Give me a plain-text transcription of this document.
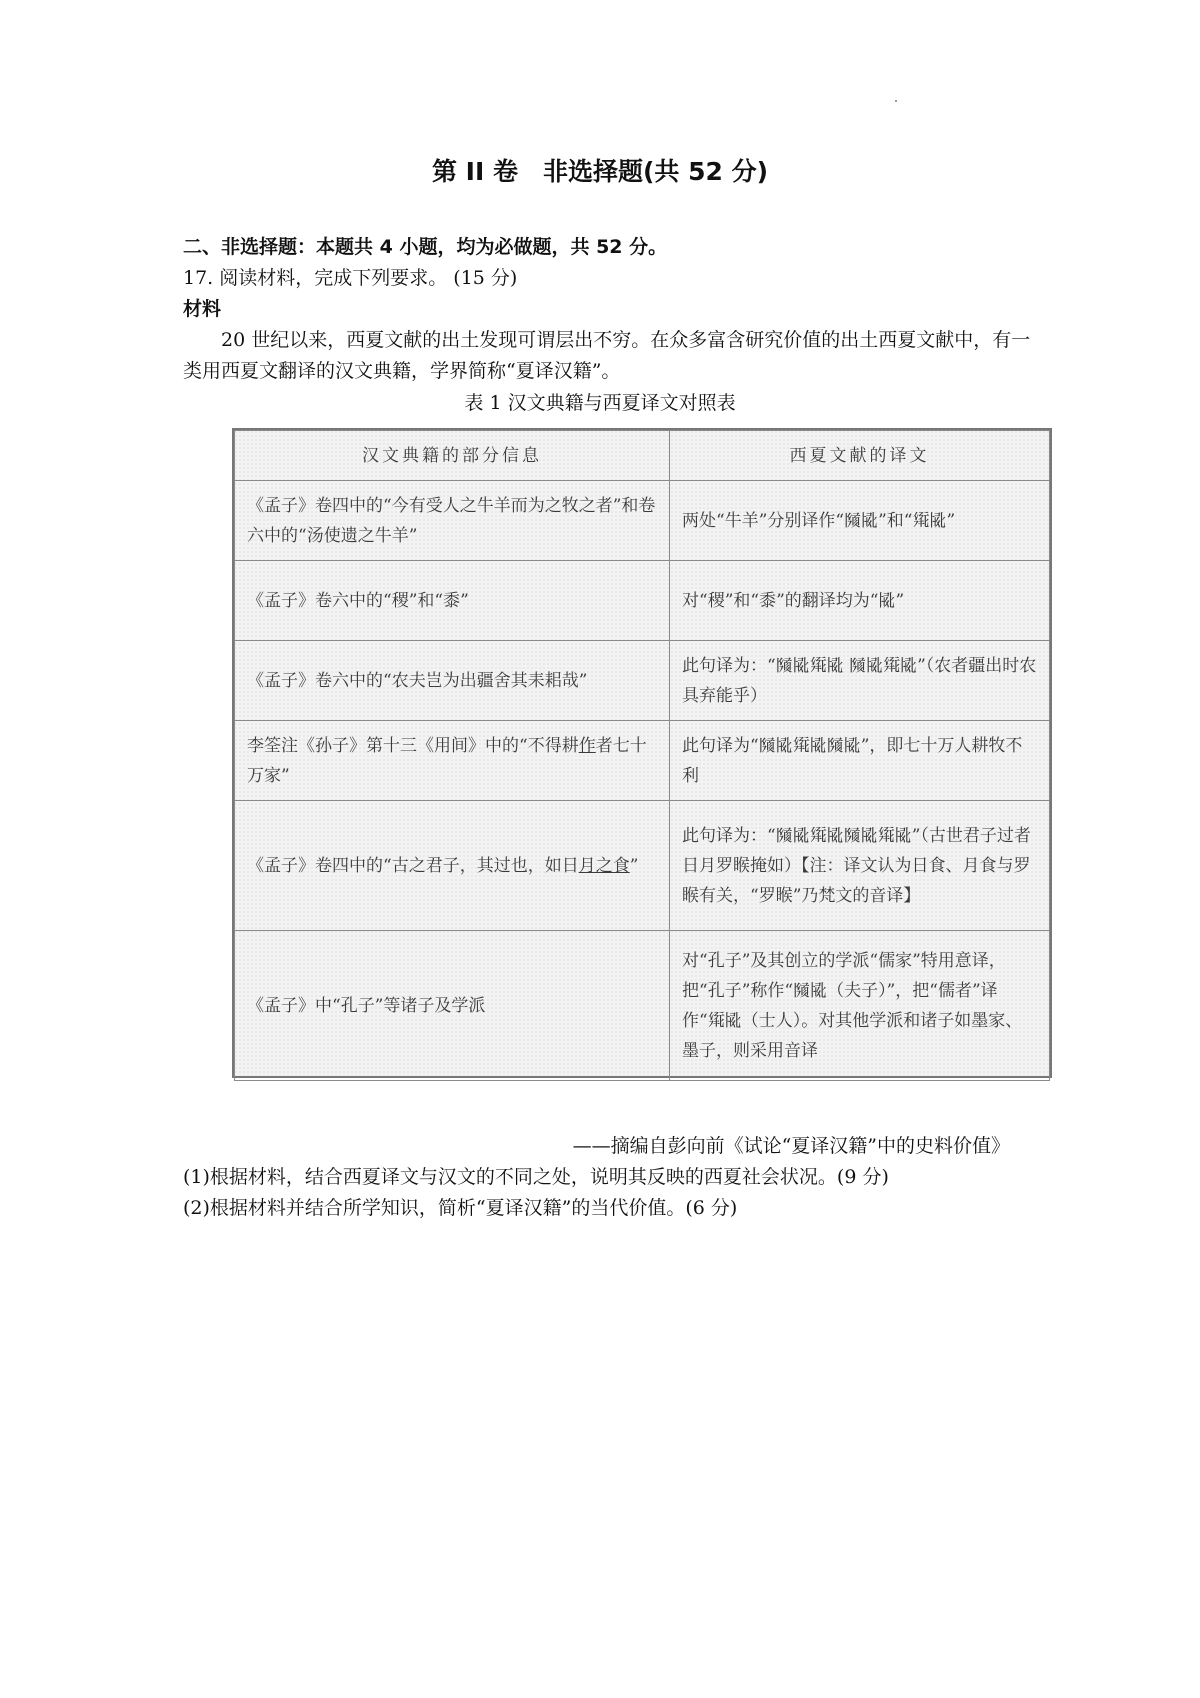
第 II 卷　非选择题(共 52 分)
二、非选择题：本题共 4 小题，均为必做题，共 52 分。
17. 阅读材料，完成下列要求。 (15 分)
材料
20 世纪以来，西夏文献的出土发现可谓层出不穷。在众多富含研究价值的出土西夏文献中，有一类用西夏文翻译的汉文典籍，学界简称“夏译汉籍”。
表 1 汉文典籍与西夏译文对照表
汉文典籍的部分信息	西夏文献的译文
《孟子》卷四中的“今有受人之牛羊而为之牧之者”和卷六中的“汤使遗之牛羊”	两处“牛羊”分别译作“𗂧𗎫”和“𗋕𗎫”
《孟子》卷六中的“稷”和“黍”	对“稷”和“黍”的翻译均为“𗎫”
《孟子》卷六中的“农夫岂为出疆舍其耒耜哉”	此句译为：“𗂧𗎫𗋕𗎫 𗂧𗎫𗋕𗎫”（农者疆出时农具弃能乎）
李筌注《孙子》第十三《用间》中的“不得耕作者七十万家”	此句译为“𗂧𗎫𗋕𗎫𗂧𗎫”，即七十万人耕牧不利
《孟子》卷四中的“古之君子，其过也，如日月之食”	此句译为：“𗂧𗎫𗋕𗎫𗂧𗎫𗋕𗎫”（古世君子过者日月罗睺掩如）【注：译文认为日食、月食与罗睺有关，“罗睺”乃梵文的音译】
《孟子》中“孔子”等诸子及学派	对“孔子”及其创立的学派“儒家”特用意译，把“孔子”称作“𗂧𗎫（夫子）”，把“儒者”译作“𗋕𗎫（士人）。对其他学派和诸子如墨家、墨子，则采用音译
——摘编自彭向前《试论“夏译汉籍”中的史料价值》
(1)根据材料，结合西夏译文与汉文的不同之处，说明其反映的西夏社会状况。(9 分)
(2)根据材料并结合所学知识，简析“夏译汉籍”的当代价值。(6 分)
